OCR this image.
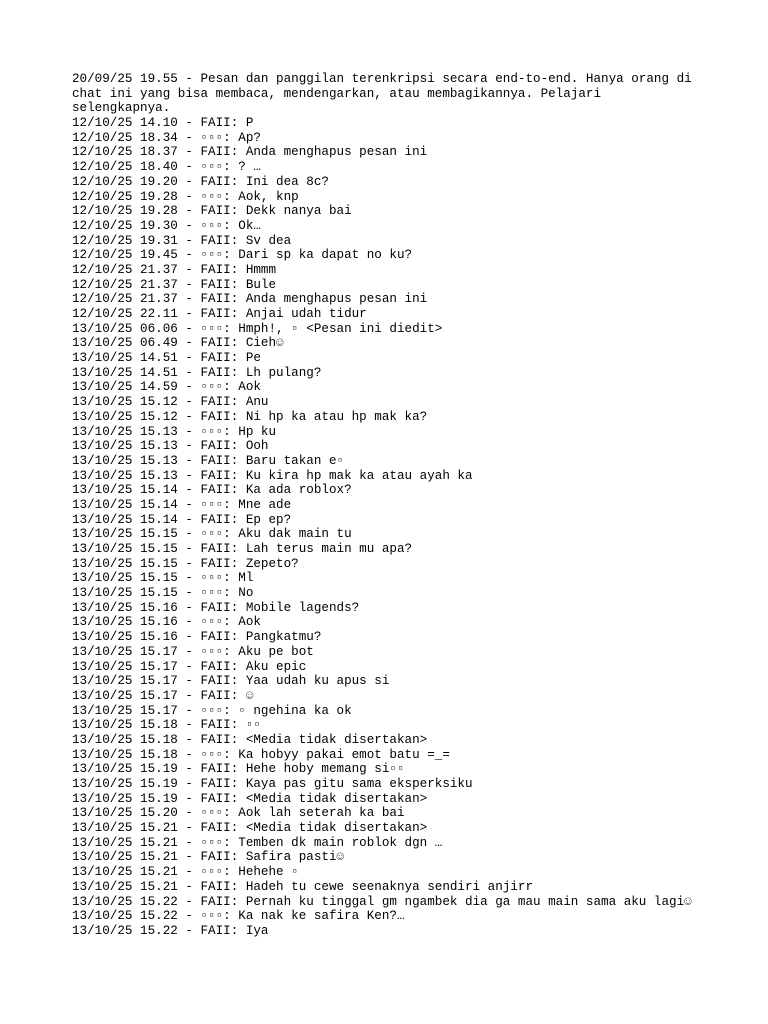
20/09/25 19.55 - Pesan dan panggilan terenkripsi secara end-to-end. Hanya orang di chat ini yang bisa membaca, mendengarkan, atau membagikannya. Pelajari selengkapnya.

12/10/25 14.10 - FAII: P
12/10/25 18.34 - ▫▫▫: Ap?
12/10/25 18.37 - FAII: Anda menghapus pesan ini
12/10/25 18.40 - ▫▫▫: ? …
12/10/25 19.20 - FAII: Ini dea 8c?
12/10/25 19.28 - ▫▫▫: Aok, knp
12/10/25 19.28 - FAII: Dekk nanya bai
12/10/25 19.30 - ▫▫▫: Ok…
12/10/25 19.31 - FAII: Sv dea
12/10/25 19.45 - ▫▫▫: Dari sp ka dapat no ku?
12/10/25 21.37 - FAII: Hmmm
12/10/25 21.37 - FAII: Bule
12/10/25 21.37 - FAII: Anda menghapus pesan ini
12/10/25 22.11 - FAII: Anjai udah tidur
13/10/25 06.06 - ▫▫▫: Hmph!, ▫ <Pesan ini diedit>
13/10/25 06.49 - FAII: Cieh☺
13/10/25 14.51 - FAII: Pe
13/10/25 14.51 - FAII: Lh pulang?
13/10/25 14.59 - ▫▫▫: Aok
13/10/25 15.12 - FAII: Anu
13/10/25 15.12 - FAII: Ni hp ka atau hp mak ka?
13/10/25 15.13 - ▫▫▫: Hp ku
13/10/25 15.13 - FAII: Ooh
13/10/25 15.13 - FAII: Baru takan e▫
13/10/25 15.13 - FAII: Ku kira hp mak ka atau ayah ka
13/10/25 15.14 - FAII: Ka ada roblox?
13/10/25 15.14 - ▫▫▫: Mne ade
13/10/25 15.14 - FAII: Ep ep?
13/10/25 15.15 - ▫▫▫: Aku dak main tu
13/10/25 15.15 - FAII: Lah terus main mu apa?
13/10/25 15.15 - FAII: Zepeto?
13/10/25 15.15 - ▫▫▫: Ml
13/10/25 15.15 - ▫▫▫: No
13/10/25 15.16 - FAII: Mobile lagends?
13/10/25 15.16 - ▫▫▫: Aok
13/10/25 15.16 - FAII: Pangkatmu?
13/10/25 15.17 - ▫▫▫: Aku pe bot
13/10/25 15.17 - FAII: Aku epic
13/10/25 15.17 - FAII: Yaa udah ku apus si
13/10/25 15.17 - FAII: ☺
13/10/25 15.17 - ▫▫▫: ▫ ngehina ka ok
13/10/25 15.18 - FAII: ▫▫
13/10/25 15.18 - FAII: <Media tidak disertakan>
13/10/25 15.18 - ▫▫▫: Ka hobyy pakai emot batu =_=
13/10/25 15.19 - FAII: Hehe hoby memang si▫▫
13/10/25 15.19 - FAII: Kaya pas gitu sama eksperksiku
13/10/25 15.19 - FAII: <Media tidak disertakan>
13/10/25 15.20 - ▫▫▫: Aok lah seterah ka bai
13/10/25 15.21 - FAII: <Media tidak disertakan>
13/10/25 15.21 - ▫▫▫: Temben dk main roblok dgn …
13/10/25 15.21 - FAII: Safira pasti☺
13/10/25 15.21 - ▫▫▫: Hehehe ▫
13/10/25 15.21 - FAII: Hadeh tu cewe seenaknya sendiri anjirr
13/10/25 15.22 - FAII: Pernah ku tinggal gm ngambek dia ga mau main sama aku lagi☺
13/10/25 15.22 - ▫▫▫: Ka nak ke safira Ken?…
13/10/25 15.22 - FAII: Iya
